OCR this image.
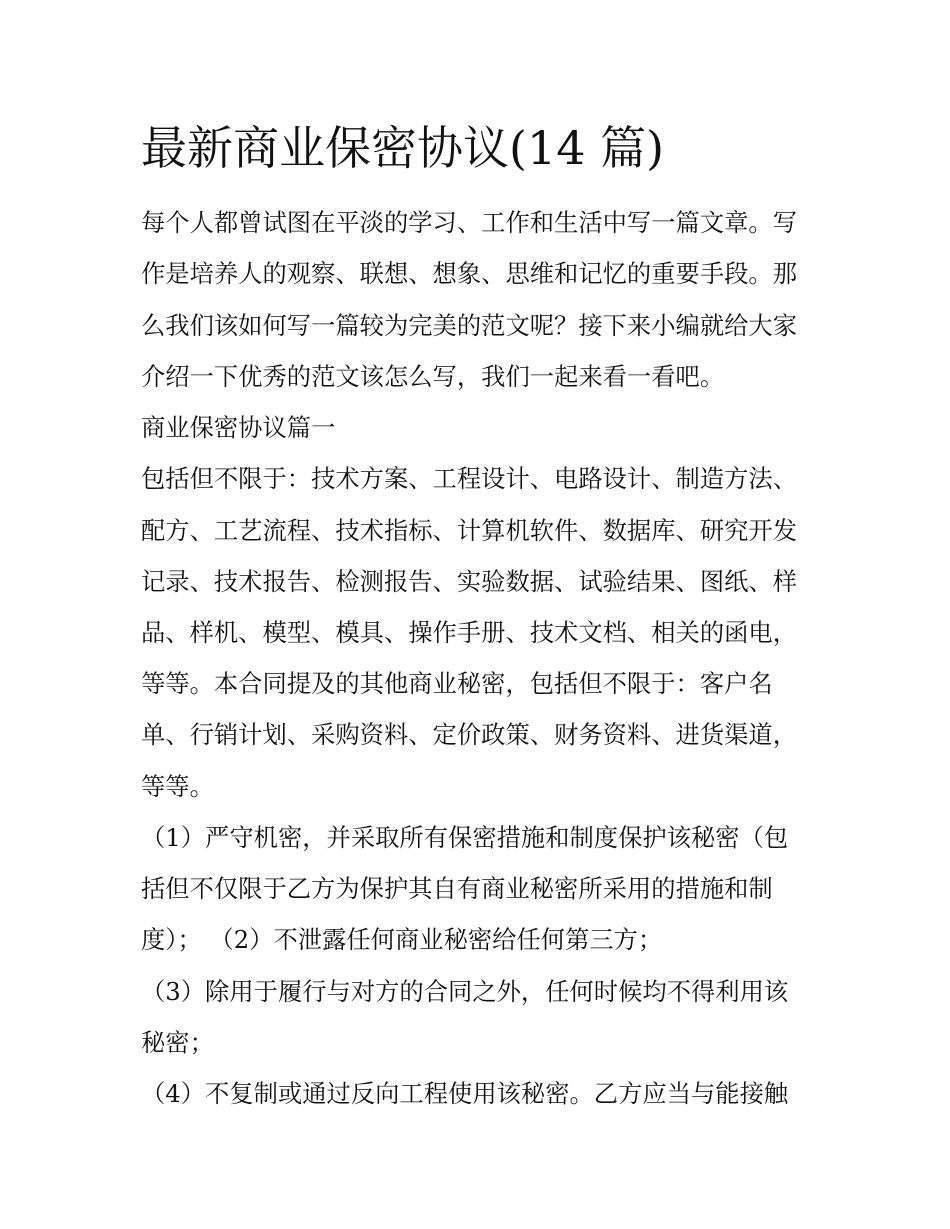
最新商业保密协议(14 篇)
每个人都曾试图在平淡的学习、工作和生活中写一篇文章。写
作是培养人的观察、联想、想象、思维和记忆的重要手段。那
么我们该如何写一篇较为完美的范文呢？接下来小编就给大家
介绍一下优秀的范文该怎么写，我们一起来看一看吧。
商业保密协议篇一
包括但不限于：技术方案、工程设计、电路设计、制造方法、
配方、工艺流程、技术指标、计算机软件、数据库、研究开发
记录、技术报告、检测报告、实验数据、试验结果、图纸、样
品、样机、模型、模具、操作手册、技术文档、相关的函电，
等等。本合同提及的其他商业秘密，包括但不限于：客户名
单、行销计划、采购资料、定价政策、财务资料、进货渠道，
等等。
（1）严守机密，并采取所有保密措施和制度保护该秘密（包
括但不仅限于乙方为保护其自有商业秘密所采用的措施和制
度）； （2）不泄露任何商业秘密给任何第三方；
（3）除用于履行与对方的合同之外，任何时候均不得利用该
秘密；
（4）不复制或通过反向工程使用该秘密。乙方应当与能接触
